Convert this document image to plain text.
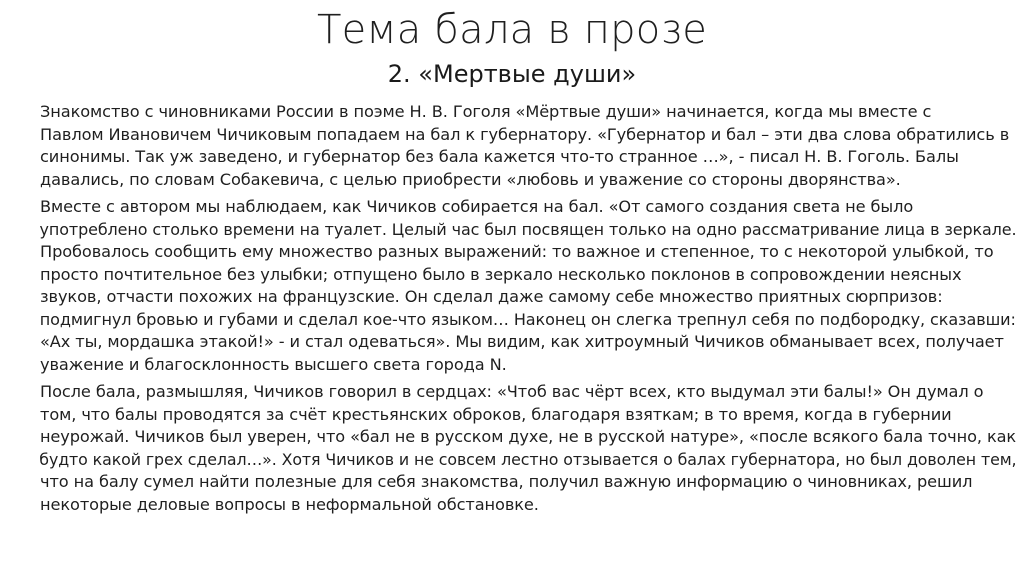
Тема бала в прозе
2. «Мертвые души»

Знакомство с чиновниками России в поэме Н. В. Гоголя «Мёртвые души» начинается, когда мы вместе с
Павлом Ивановичем Чичиковым попадаем на бал к губернатору. «Губернатор и бал – эти два слова обратились в
синонимы. Так уж заведено, и губернатор без бала кажется что-то странное …», - писал Н. В. Гоголь. Балы
давались, по словам Собакевича, с целью приобрести «любовь и уважение со стороны дворянства».

Вместе с автором мы наблюдаем, как Чичиков собирается на бал. «От самого создания света не было
употреблено столько времени на туалет. Целый час был посвящен только на одно рассматривание лица в зеркале.
Пробовалось сообщить ему множество разных выражений: то важное и степенное, то с некоторой улыбкой, то
просто почтительное без улыбки; отпущено было в зеркало несколько поклонов в сопровождении неясных
звуков, отчасти похожих на французские. Он сделал даже самому себе множество приятных сюрпризов:
подмигнул бровью и губами и сделал кое-что языком… Наконец он слегка трепнул себя по подбородку, сказавши:
«Ах ты, мордашка этакой!» - и стал одеваться». Мы видим, как хитроумный Чичиков обманывает всех, получает
уважение и благосклонность высшего света города N.

После бала, размышляя, Чичиков говорил в сердцах: «Чтоб вас чёрт всех, кто выдумал эти балы!» Он думал о
том, что балы проводятся за счёт крестьянских оброков, благодаря взяткам; в то время, когда в губернии
неурожай. Чичиков был уверен, что «бал не в русском духе, не в русской натуре», «после всякого бала точно, как
будто какой грех сделал…». Хотя Чичиков и не совсем лестно отзывается о балах губернатора, но был доволен тем,
что на балу сумел найти полезные для себя знакомства, получил важную информацию о чиновниках, решил
некоторые деловые вопросы в неформальной обстановке.
